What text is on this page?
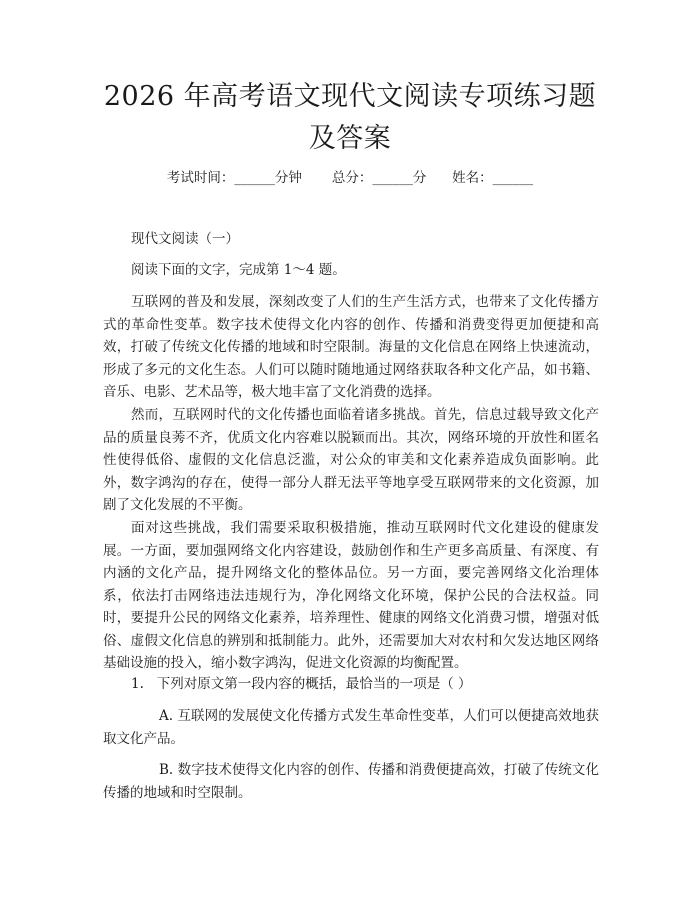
2026 年高考语文现代文阅读专项练习题及答案
考试时间：______分钟 总分：______分 姓名：______

现代文阅读（一）

阅读下面的文字，完成第 1～4 题。

互联网的普及和发展，深刻改变了人们的生产生活方式，也带来了文化传播方式的革命性变革。数字技术使得文化内容的创作、传播和消费变得更加便捷和高效，打破了传统文化传播的地域和时空限制。海量的文化信息在网络上快速流动，形成了多元的文化生态。人们可以随时随地通过网络获取各种文化产品，如书籍、音乐、电影、艺术品等，极大地丰富了文化消费的选择。

然而，互联网时代的文化传播也面临着诸多挑战。首先，信息过载导致文化产品的质量良莠不齐，优质文化内容难以脱颖而出。其次，网络环境的开放性和匿名性使得低俗、虚假的文化信息泛滥，对公众的审美和文化素养造成负面影响。此外，数字鸿沟的存在，使得一部分人群无法平等地享受互联网带来的文化资源，加剧了文化发展的不平衡。

面对这些挑战，我们需要采取积极措施，推动互联网时代文化建设的健康发展。一方面，要加强网络文化内容建设，鼓励创作和生产更多高质量、有深度、有内涵的文化产品，提升网络文化的整体品位。另一方面，要完善网络文化治理体系，依法打击网络违法违规行为，净化网络文化环境，保护公民的合法权益。同时，要提升公民的网络文化素养，培养理性、健康的网络文化消费习惯，增强对低俗、虚假文化信息的辨别和抵制能力。此外，还需要加大对农村和欠发达地区网络基础设施的投入，缩小数字鸿沟，促进文化资源的均衡配置。

1. 下列对原文第一段内容的概括，最恰当的一项是（ ）

A. 互联网的发展使文化传播方式发生革命性变革，人们可以便捷高效地获取文化产品。

B. 数字技术使得文化内容的创作、传播和消费便捷高效，打破了传统文化传播的地域和时空限制。
